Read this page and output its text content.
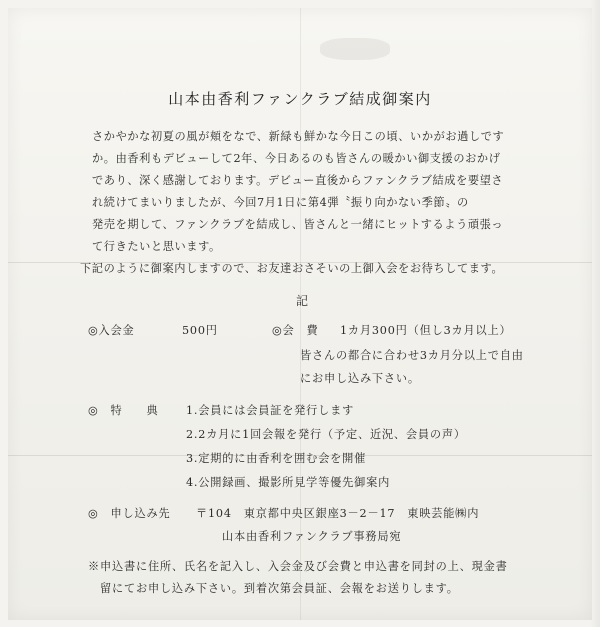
山本由香利ファンクラブ結成御案内
さかやかな初夏の風が頬をなで、新緑も鮮かな今日この頃、いかがお過しです
か。由香利もデビューして2年、今日あるのも皆さんの暖かい御支援のおかげ
であり、深く感謝しております。デビュー直後からファンクラブ結成を要望さ
れ続けてまいりましたが、今回7月1日に第4弾〝振り向かない季節〟の
発売を期して、ファンクラブを結成し、皆さんと一緒にヒットするよう頑張っ
て行きたいと思います。
下記のように御案内しますので、お友達おさそいの上御入会をお待ちしてます。
記
◎入会金	500円	◎会　費 1カ月300円（但し3カ月以上）
皆さんの都合に合わせ3カ月分以上で自由
にお申し込み下さい。
◎　特　　典 1.会員には会員証を発行します
2.2カ月に1回会報を発行（予定、近況、会員の声）
3.定期的に由香利を囲む会を開催
4.公開録画、撮影所見学等優先御案内
◎　申し込み先 〒104　東京都中央区銀座3－2－17　東映芸能㈱内
山本由香利ファンクラブ事務局宛
※申込書に住所、氏名を記入し、入会金及び会費と申込書を同封の上、現金書
留にてお申し込み下さい。到着次第会員証、会報をお送りします。
